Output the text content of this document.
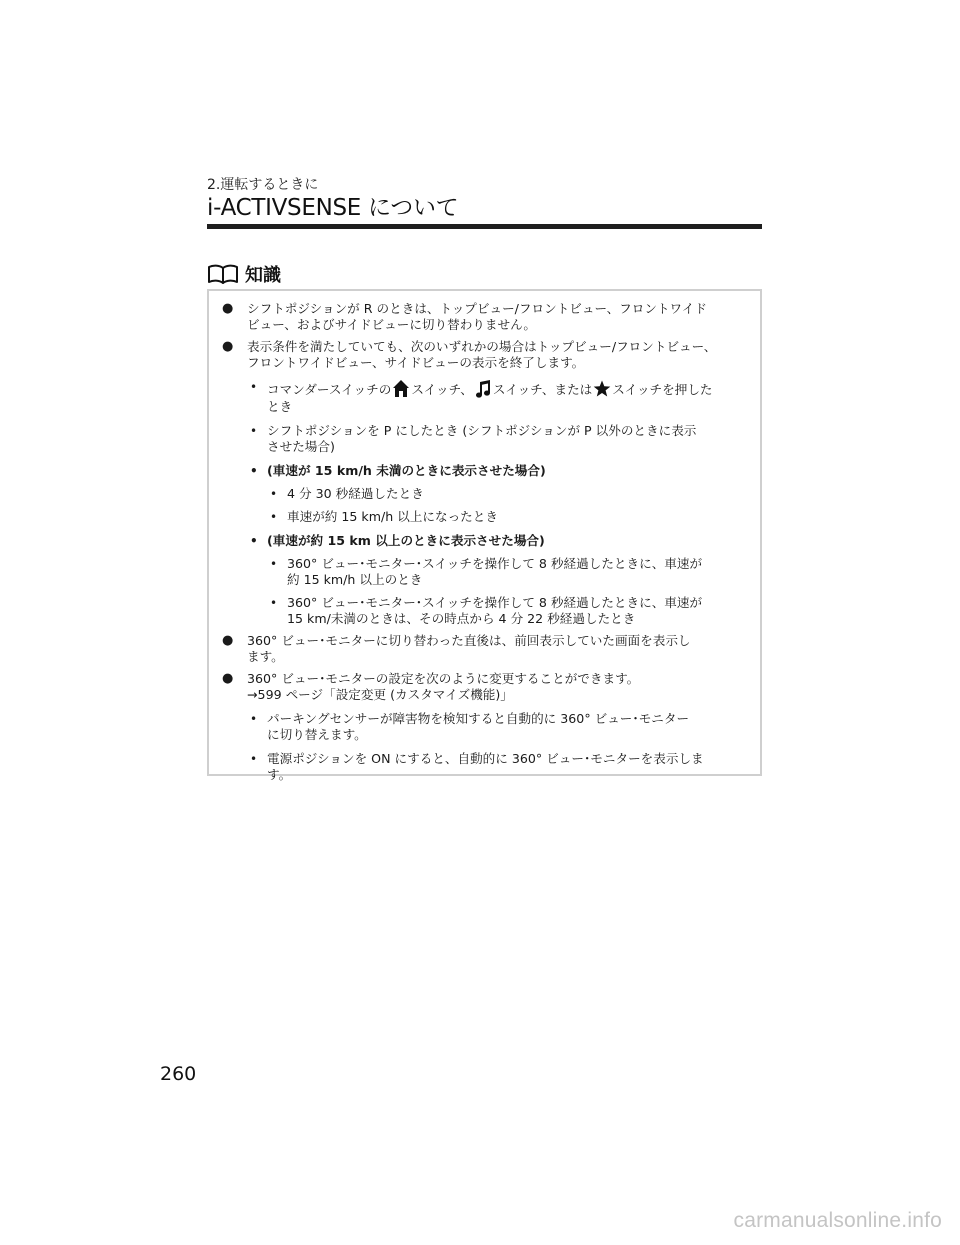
2.運転するときに
i-ACTIVSENSE について
知識
● シフトポジションが R のときは、トップビュー/フロントビュー、フロントワイド
ビュー、およびサイドビューに切り替わりません。
● 表示条件を満たしていても、次のいずれかの場合はトップビュー/フロントビュー、
フロントワイドビュー、サイドビューの表示を終了します。
• コマンダースイッチの スイッチ、 スイッチ、または スイッチを押した
とき
• シフトポジションを P にしたとき (シフトポジションが P 以外のときに表示
させた場合)
• (車速が 15 km/h 未満のときに表示させた場合)
• 4 分 30 秒経過したとき
• 車速が約 15 km/h 以上になったとき
• (車速が約 15 km 以上のときに表示させた場合)
• 360° ビュー･モニター･スイッチを操作して 8 秒経過したときに、車速が
約 15 km/h 以上のとき
• 360° ビュー･モニター･スイッチを操作して 8 秒経過したときに、車速が
15 km/未満のときは、その時点から 4 分 22 秒経過したとき
● 360° ビュー･モニターに切り替わった直後は、前回表示していた画面を表示し
ます。
● 360° ビュー･モニターの設定を次のように変更することができます。
→599 ページ「設定変更 (カスタマイズ機能)」
• パーキングセンサーが障害物を検知すると自動的に 360° ビュー･モニター
に切り替えます。
• 電源ポジションを ON にすると、自動的に 360° ビュー･モニターを表示しま
す。
260
carmanualsonline.info
